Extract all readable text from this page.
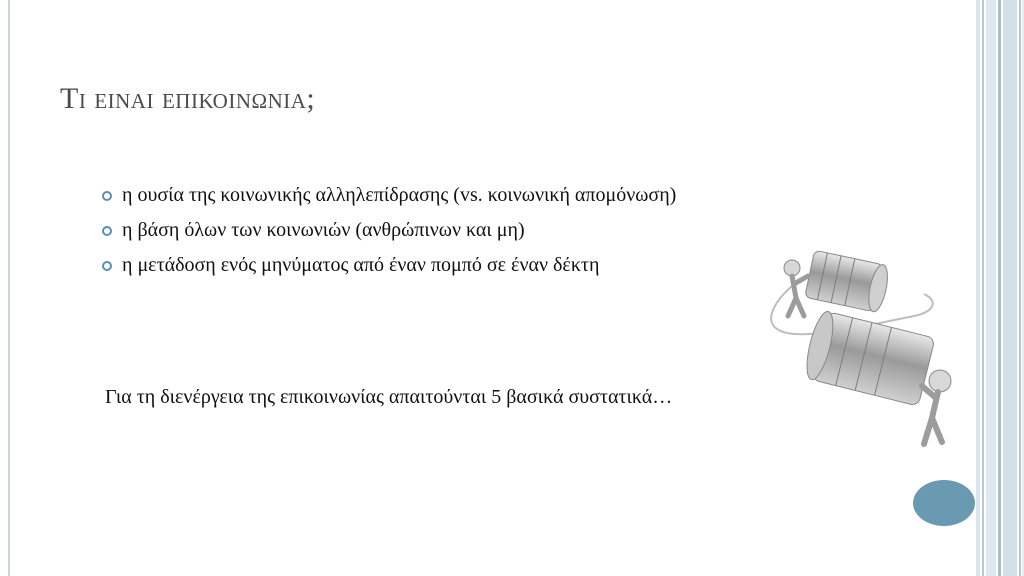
Τι ειναι επικοινωνια;
η ουσία της κοινωνικής αλληλεπίδρασης (vs. κοινωνική απομόνωση)
η βάση όλων των κοινωνιών (ανθρώπινων και μη)
η μετάδοση ενός μηνύματος από έναν πομπό σε έναν δέκτη
Για τη διενέργεια της επικοινωνίας απαιτούνται 5 βασικά συστατικά…
